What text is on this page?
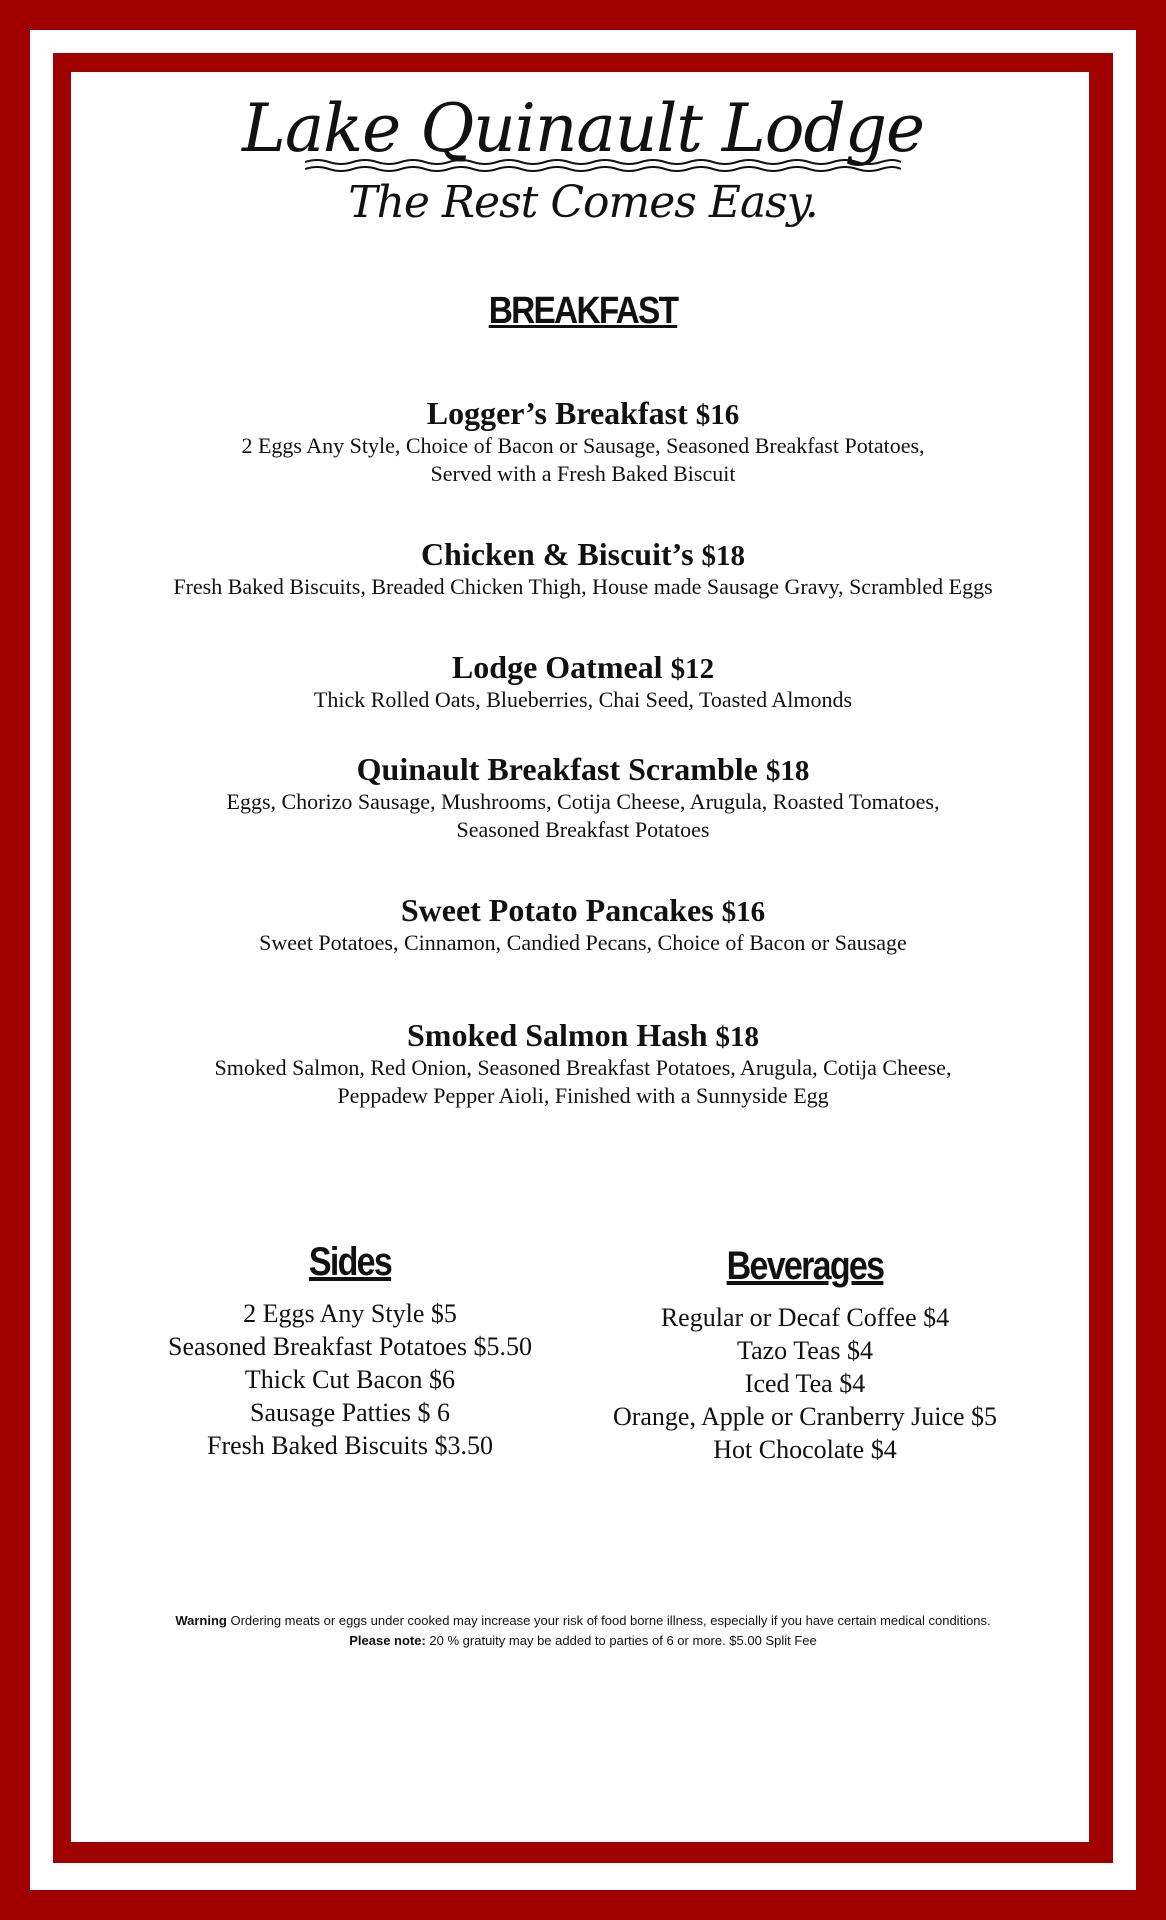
Lake Quinault Lodge
The Rest Comes Easy.
BREAKFAST
Logger’s Breakfast $16
2 Eggs Any Style, Choice of Bacon or Sausage, Seasoned Breakfast Potatoes,
Served with a Fresh Baked Biscuit
Chicken & Biscuit’s $18
Fresh Baked Biscuits, Breaded Chicken Thigh, House made Sausage Gravy, Scrambled Eggs
Lodge Oatmeal $12
Thick Rolled Oats, Blueberries, Chai Seed, Toasted Almonds
Quinault Breakfast Scramble $18
Eggs, Chorizo Sausage, Mushrooms, Cotija Cheese, Arugula, Roasted Tomatoes,
Seasoned Breakfast Potatoes
Sweet Potato Pancakes $16
Sweet Potatoes, Cinnamon, Candied Pecans, Choice of Bacon or Sausage
Smoked Salmon Hash $18
Smoked Salmon, Red Onion, Seasoned Breakfast Potatoes, Arugula, Cotija Cheese,
Peppadew Pepper Aioli, Finished with a Sunnyside Egg
Sides
2 Eggs Any Style $5
Seasoned Breakfast Potatoes $5.50
Thick Cut Bacon $6
Sausage Patties $ 6
Fresh Baked Biscuits $3.50
Beverages
Regular or Decaf Coffee $4
Tazo Teas $4
Iced Tea $4
Orange, Apple or Cranberry Juice $5
Hot Chocolate $4
Warning Ordering meats or eggs under cooked may increase your risk of food borne illness, especially if you have certain medical conditions.
Please note: 20 % gratuity may be added to parties of 6 or more. $5.00 Split Fee
